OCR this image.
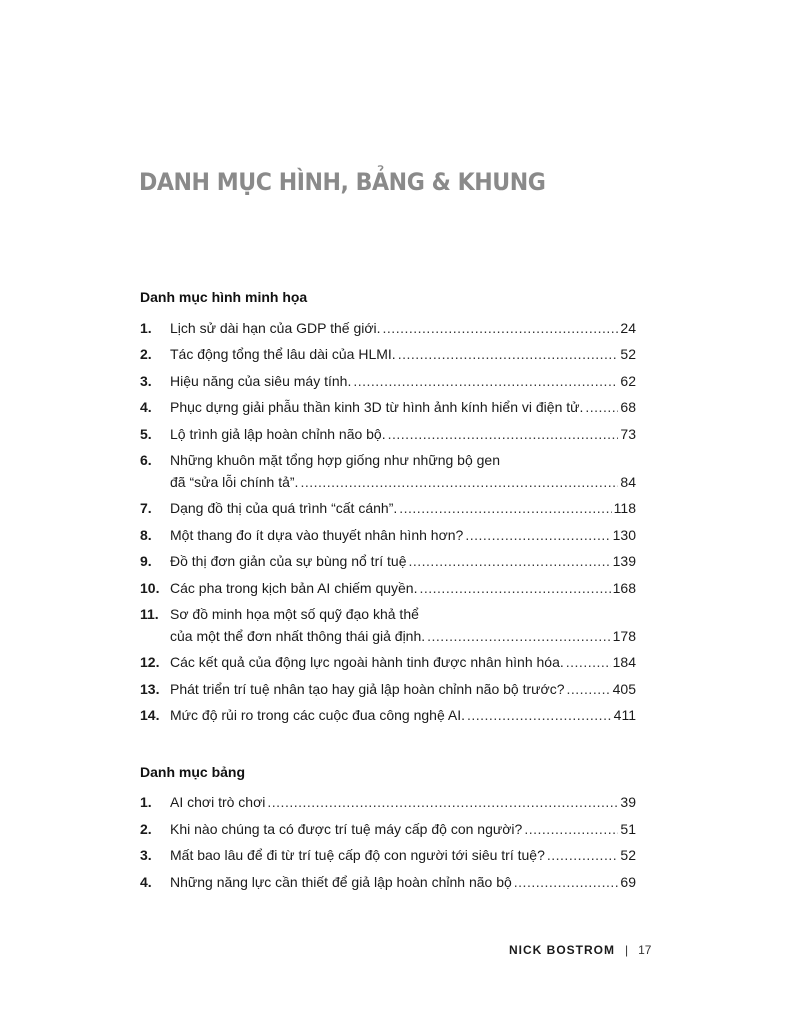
DANH MỤC HÌNH, BẢNG & KHUNG
Danh mục hình minh họa
1. Lịch sử dài hạn của GDP thế giới. .....	24
2. Tác động tổng thể lâu dài của HLMI. .....	52
3. Hiệu năng của siêu máy tính. .....	62
4. Phục dựng giải phẫu thần kinh 3D từ hình ảnh kính hiển vi điện tử. .....	68
5. Lộ trình giả lập hoàn chỉnh não bộ. .....	73
6. Những khuôn mặt tổng hợp giống như những bộ gen
đã “sửa lỗi chính tả”. .....	84
7. Dạng đồ thị của quá trình “cất cánh”. .....	118
8. Một thang đo ít dựa vào thuyết nhân hình hơn? .....	130
9. Đồ thị đơn giản của sự bùng nổ trí tuệ .....	139
10. Các pha trong kịch bản AI chiếm quyền. .....	168
11. Sơ đồ minh họa một số quỹ đạo khả thể
của một thể đơn nhất thông thái giả định. .....	178
12. Các kết quả của động lực ngoài hành tinh được nhân hình hóa. .....	184
13. Phát triển trí tuệ nhân tạo hay giả lập hoàn chỉnh não bộ trước? .....	405
14. Mức độ rủi ro trong các cuộc đua công nghệ AI. .....	411
Danh mục bảng
1. AI chơi trò chơi .....	39
2. Khi nào chúng ta có được trí tuệ máy cấp độ con người? .....	51
3. Mất bao lâu để đi từ trí tuệ cấp độ con người tới siêu trí tuệ? .....	52
4. Những năng lực cần thiết để giả lập hoàn chỉnh não bộ .....	69
NICK BOSTROM | 17
